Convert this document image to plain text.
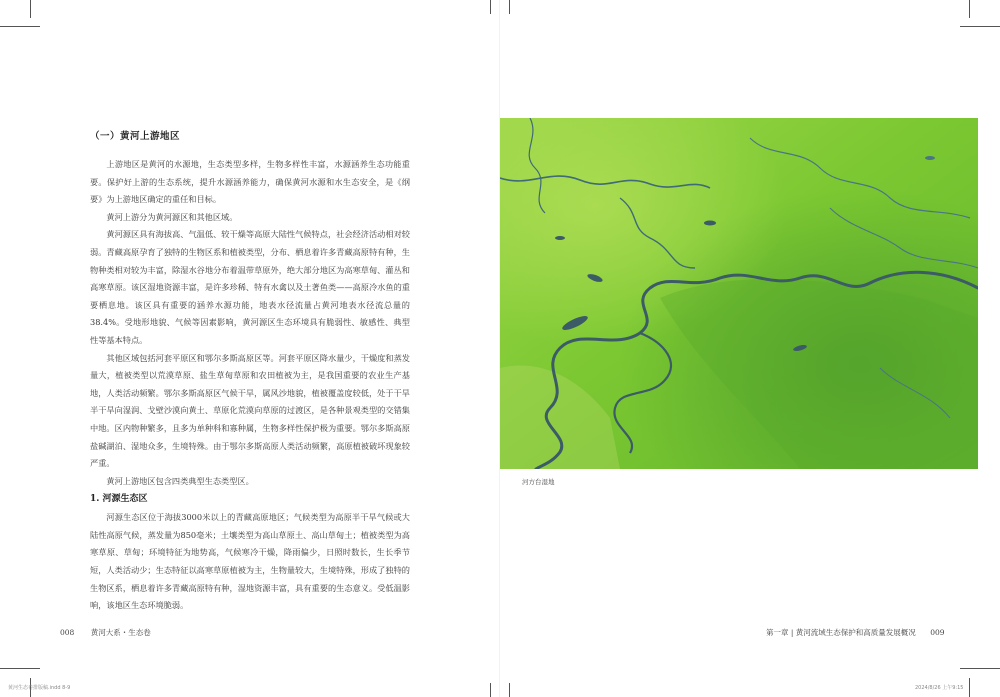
（一）黄河上游地区

上游地区是黄河的水源地，生态类型多样，生物多样性丰富，水源涵养生态功能重要。保护好上游的生态系统，提升水源涵养能力，确保黄河水源和水生态安全，是《纲要》为上游地区确定的重任和目标。

黄河上游分为黄河源区和其他区域。

黄河源区具有海拔高、气温低、较干燥等高原大陆性气候特点，社会经济活动相对较弱。青藏高原孕育了独特的生物区系和植被类型，分布、栖息着许多青藏高原特有种，生物种类相对较为丰富，除湿水谷地分布着温带草原外，绝大部分地区为高寒草甸、灌丛和高寒草原。该区湿地资源丰富，是许多珍稀、特有水禽以及土著鱼类——高原冷水鱼的重要栖息地。该区具有重要的涵养水源功能，地表水径流量占黄河地表水径流总量的38.4%。受地形地貌、气候等因素影响，黄河源区生态环境具有脆弱性、敏感性、典型性等基本特点。

其他区域包括河套平原区和鄂尔多斯高原区等。河套平原区降水量少，干燥度和蒸发量大，植被类型以荒漠草原、盐生草甸草原和农田植被为主，是我国重要的农业生产基地，人类活动频繁。鄂尔多斯高原区气候干旱，属风沙地貌，植被覆盖度较低，处于干旱半干旱向湿润、戈壁沙漠向黄土、草原化荒漠向草原的过渡区，是各种景观类型的交错集中地。区内物种繁多，且多为单种科和寡种属，生物多样性保护极为重要。鄂尔多斯高原盐碱湖泊、湿地众多，生境特殊。由于鄂尔多斯高原人类活动频繁，高原植被破坏现象较严重。

黄河上游地区包含四类典型生态类型区。

1. 河源生态区

河源生态区位于海拔3000米以上的青藏高原地区；气候类型为高原半干旱气候或大陆性高原气候，蒸发量为850毫米；土壤类型为高山草原土、高山草甸土；植被类型为高寒草原、草甸；环境特征为地势高，气候寒冷干燥，降雨偏少，日照时数长，生长季节短，人类活动少；生态特征以高寒草原植被为主，生物量较大，生境特殊，形成了独特的生物区系，栖息着许多青藏高原特有种，湿地资源丰富，具有重要的生态意义。受低温影响，该地区生态环境脆弱。

008 黄河大系・生态卷
黄河生态卷排版稿.indd 8-9
河方台湿地
第一章 | 黄河流域生态保护和高质量发展概况 009
2024/8/26 上午9:15
